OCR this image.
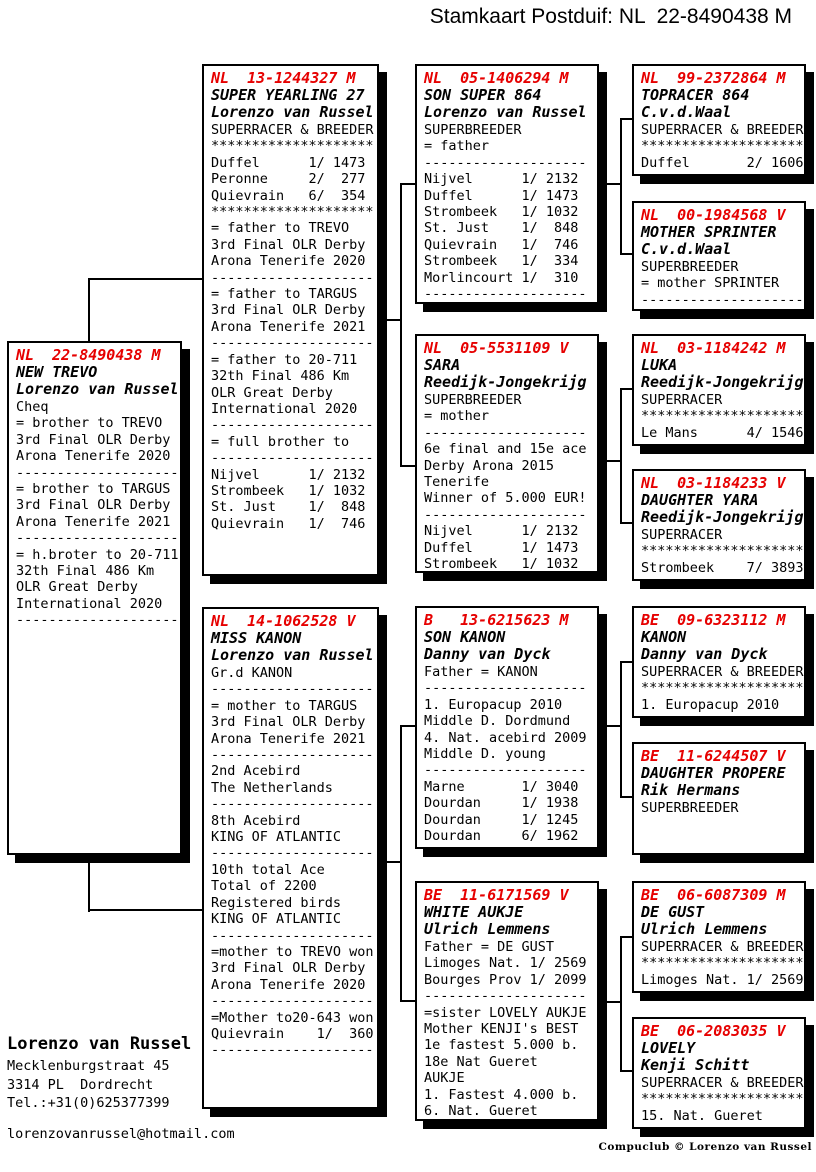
Stamkaart Postduif: NL  22-8490438 M
NL  22-8490438 M
NEW TREVO
Lorenzo van Russel
Cheq
= brother to TREVO
3rd Final OLR Derby
Arona Tenerife 2020
--------------------
= brother to TARGUS
3rd Final OLR Derby
Arona Tenerife 2021
--------------------
= h.broter to 20-711
32th Final 486 Km
OLR Great Derby
International 2020
--------------------
NL  13-1244327 M
SUPER YEARLING 27
Lorenzo van Russel
SUPERRACER & BREEDER
********************
Duffel      1/ 1473
Peronne     2/  277
Quievrain   6/  354
********************
= father to TREVO
3rd Final OLR Derby
Arona Tenerife 2020
--------------------
= father to TARGUS
3rd Final OLR Derby
Arona Tenerife 2021
--------------------
= father to 20-711
32th Final 486 Km
OLR Great Derby
International 2020
--------------------
= full brother to
--------------------
Nijvel      1/ 2132
Strombeek   1/ 1032
St. Just    1/  848
Quievrain   1/  746
NL  14-1062528 V
MISS KANON
Lorenzo van Russel
Gr.d KANON
--------------------
= mother to TARGUS
3rd Final OLR Derby
Arona Tenerife 2021
--------------------
2nd Acebird
The Netherlands
--------------------
8th Acebird
KING OF ATLANTIC
--------------------
10th total Ace
Total of 2200
Registered birds
KING OF ATLANTIC
--------------------
=mother to TREVO won
3rd Final OLR Derby
Arona Tenerife 2020
--------------------
=Mother to20-643 won
Quievrain    1/  360
--------------------
NL  05-1406294 M
SON SUPER 864
Lorenzo van Russel
SUPERBREEDER
= father
--------------------
Nijvel      1/ 2132
Duffel      1/ 1473
Strombeek   1/ 1032
St. Just    1/  848
Quievrain   1/  746
Strombeek   1/  334
Morlincourt 1/  310
--------------------
NL  05-5531109 V
SARA
Reedijk-Jongekrijg
SUPERBREEDER
= mother
--------------------
6e final and 15e ace
Derby Arona 2015
Tenerife
Winner of 5.000 EUR!
--------------------
Nijvel      1/ 2132
Duffel      1/ 1473
Strombeek   1/ 1032
B   13-6215623 M
SON KANON
Danny van Dyck
Father = KANON
--------------------
1. Europacup 2010
Middle D. Dordmund
4. Nat. acebird 2009
Middle D. young
--------------------
Marne       1/ 3040
Dourdan     1/ 1938
Dourdan     1/ 1245
Dourdan     6/ 1962
BE  11-6171569 V
WHITE AUKJE
Ulrich Lemmens
Father = DE GUST
Limoges Nat. 1/ 2569
Bourges Prov 1/ 2099
--------------------
=sister LOVELY AUKJE
Mother KENJI's BEST
1e fastest 5.000 b.
18e Nat Gueret
AUKJE
1. Fastest 4.000 b.
6. Nat. Gueret
NL  99-2372864 M
TOPRACER 864
C.v.d.Waal
SUPERRACER & BREEDER
********************
Duffel       2/ 1606
NL  00-1984568 V
MOTHER SPRINTER
C.v.d.Waal
SUPERBREEDER
= mother SPRINTER
--------------------
NL  03-1184242 M
LUKA
Reedijk-Jongekrijg
SUPERRACER
********************
Le Mans      4/ 1546
NL  03-1184233 V
DAUGHTER YARA
Reedijk-Jongekrijg
SUPERRACER
********************
Strombeek    7/ 3893
BE  09-6323112 M
KANON
Danny van Dyck
SUPERRACER & BREEDER
********************
1. Europacup 2010
BE  11-6244507 V
DAUGHTER PROPERE
Rik Hermans
SUPERBREEDER
BE  06-6087309 M
DE GUST
Ulrich Lemmens
SUPERRACER & BREEDER
********************
Limoges Nat. 1/ 2569
BE  06-2083035 V
LOVELY
Kenji Schitt
SUPERRACER & BREEDER
********************
15. Nat. Gueret
Lorenzo van Russel
Mecklenburgstraat 45
3314 PL  Dordrecht
Tel.:+31(0)625377399
lorenzovanrussel@hotmail.com
Compuclub © Lorenzo van Russel
